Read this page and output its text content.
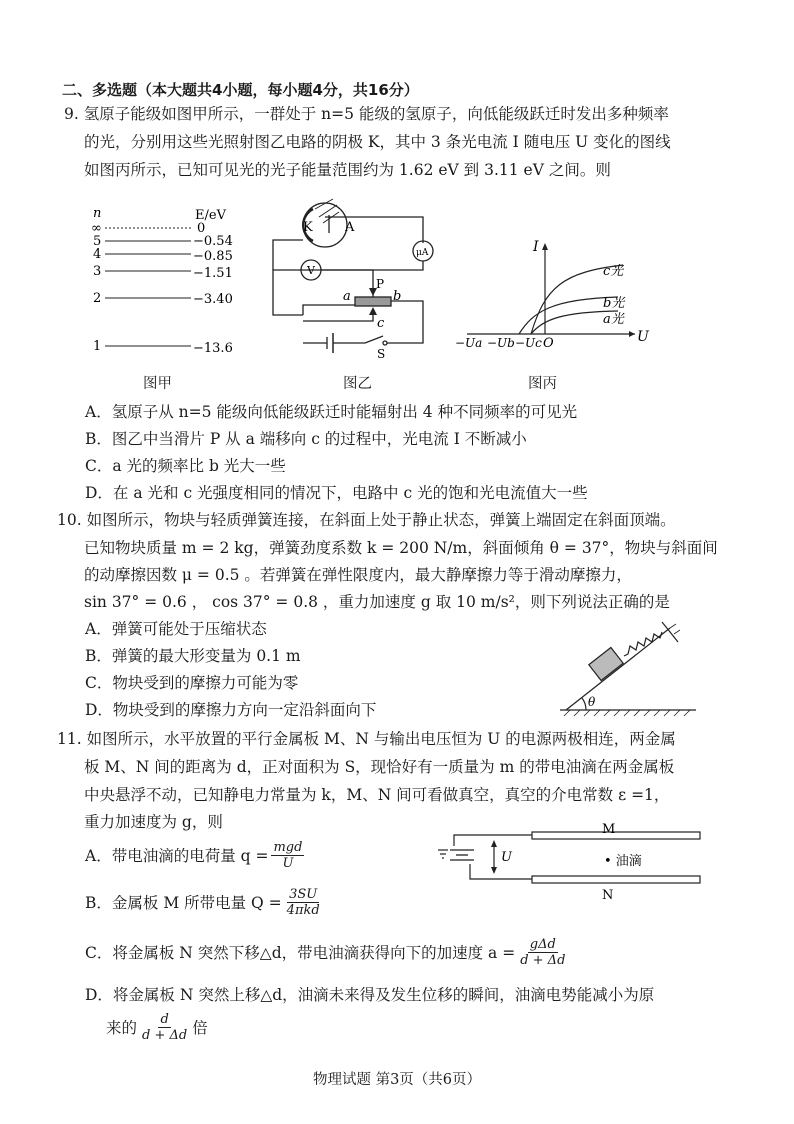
二、多选题（本大题共4小题，每小题4分，共16分）
9. 氢原子能级如图甲所示，一群处于 n=5 能级的氢原子，向低能级跃迁时发出多种频率
的光，分别用这些光照射图乙电路的阴极 K，其中 3 条光电流 I 随电压 U 变化的图线
如图丙所示，已知可见光的光子能量范围约为 1.62 eV 到 3.11 eV 之间。则
n	E/eV
∞	0
5	−0.54
4	−0.85
3	−1.51
2	−3.40
1	−13.6
图甲
K A
μA
V
P
a	b
c
S
图乙
I
U
c光
b光
a光
−Ua −Ub −Uc O
图丙
A．氢原子从 n=5 能级向低能级跃迁时能辐射出 4 种不同频率的可见光
B．图乙中当滑片 P 从 a 端移向 c 的过程中，光电流 I 不断减小
C．a 光的频率比 b 光大一些
D．在 a 光和 c 光强度相同的情况下，电路中 c 光的饱和光电流值大一些
10. 如图所示，物块与轻质弹簧连接，在斜面上处于静止状态，弹簧上端固定在斜面顶端。
已知物块质量 m = 2 kg，弹簧劲度系数 k = 200 N/m，斜面倾角 θ = 37°，物块与斜面间
的动摩擦因数 μ = 0.5 。若弹簧在弹性限度内，最大静摩擦力等于滑动摩擦力，
sin 37° = 0.6 ， cos 37° = 0.8 ，重力加速度 g 取 10 m/s²，则下列说法正确的是
A．弹簧可能处于压缩状态
B．弹簧的最大形变量为 0.1 m
C．物块受到的摩擦力可能为零
D．物块受到的摩擦力方向一定沿斜面向下	θ
11. 如图所示，水平放置的平行金属板 M、N 与输出电压恒为 U 的电源两极相连，两金属
板 M、N 间的距离为 d，正对面积为 S，现恰好有一质量为 m 的带电油滴在两金属板
中央悬浮不动，已知静电力常量为 k，M、N 间可看做真空，真空的介电常数 ε =1，
重力加速度为 g，则
A．带电油滴的电荷量 $q = \frac{\text{mgd}}{U}$
B．金属板 M 所带电量 $Q = \frac{3SU}{\text{4πkd}}$
C．将金属板 N 突然下移△d，带电油滴获得向下的加速度 $a = \frac{\text{gΔd}}{d + \Delta d}$
D．将金属板 N 突然上移△d，油滴未来得及发生位移的瞬间，油滴电势能减小为原
来的 $\frac{d}{d + \Delta d}$ 倍
U
M
N
• 油滴
物理试题 第3页（共6页）
